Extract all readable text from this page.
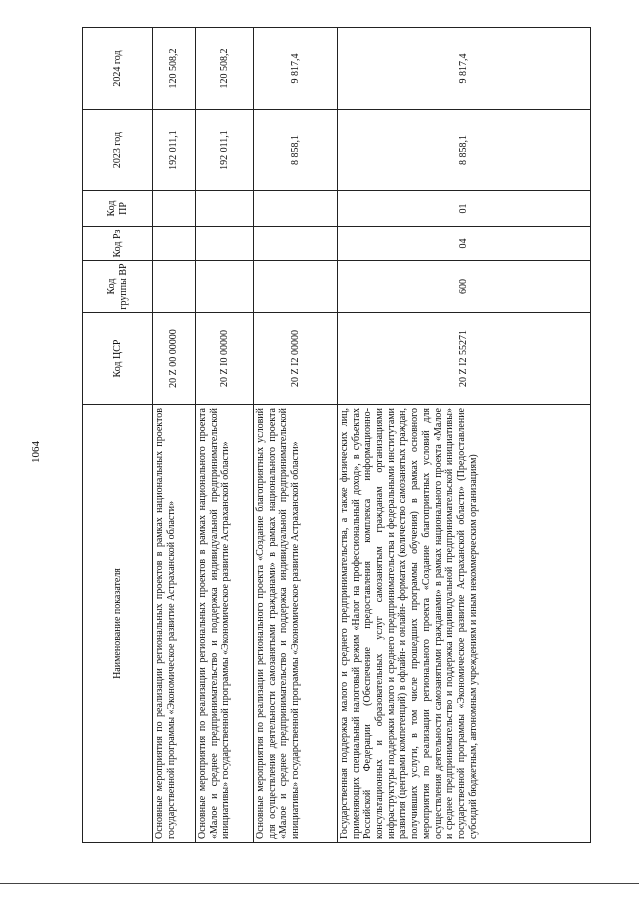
1064
Наименование показателя	Код ЦСР	Код группы ВР	Код Рз	Код ПР	2023 год	2024 год
Основные мероприятия по реализации региональных проектов в рамках национальных проектов государственной программы «Экономическое развитие Астраханской области»	20 Z 00 00000				192 011,1	120 508,2
Основные мероприятия по реализации региональных проектов в рамках национального проекта «Малое и среднее предпринимательство и поддержка индивидуальной предпринимательской инициативы» государственной программы «Экономическое развитие Астраханской области»	20 Z I0 00000				192 011,1	120 508,2
Основные мероприятия по реализации регионального проекта «Создание благоприятных условий для осуществления деятельности самозанятыми гражданами» в рамках национального проекта «Малое и среднее предпринимательство и поддержка индивидуальной предпринимательской инициативы» государственной программы «Экономическое развитие Астраханской области»	20 Z I2 00000				8 858,1	9 817,4
Государственная поддержка малого и среднего предпринимательства, а также физических лиц, применяющих специальный налоговый режим «Налог на профессиональный доход», в субъектах Российской Федерации (Обеспечение предоставления комплекса информационно-консультационных и образовательных услуг самозанятым гражданам организациями инфраструктуры поддержки малого и среднего предпринимательства и федеральными институтами развития (центрами компетенций) в офлайн- и онлайн- форматах (количество самозанятых граждан, получивших услуги, в том числе прошедших программы обучения) в рамках основного мероприятия по реализации регионального проекта «Создание благоприятных условий для осуществления деятельности самозанятыми гражданами» в рамках национального проекта «Малое и среднее предпринимательство и поддержка индивидуальной предпринимательской инициативы» государственной программы «Экономическое развитие Астраханской области» (Предоставление субсидий бюджетным, автономным учреждениям и иным некоммерческим организациям)	20 Z I2 55271	600	04	01	8 858,1	9 817,4
